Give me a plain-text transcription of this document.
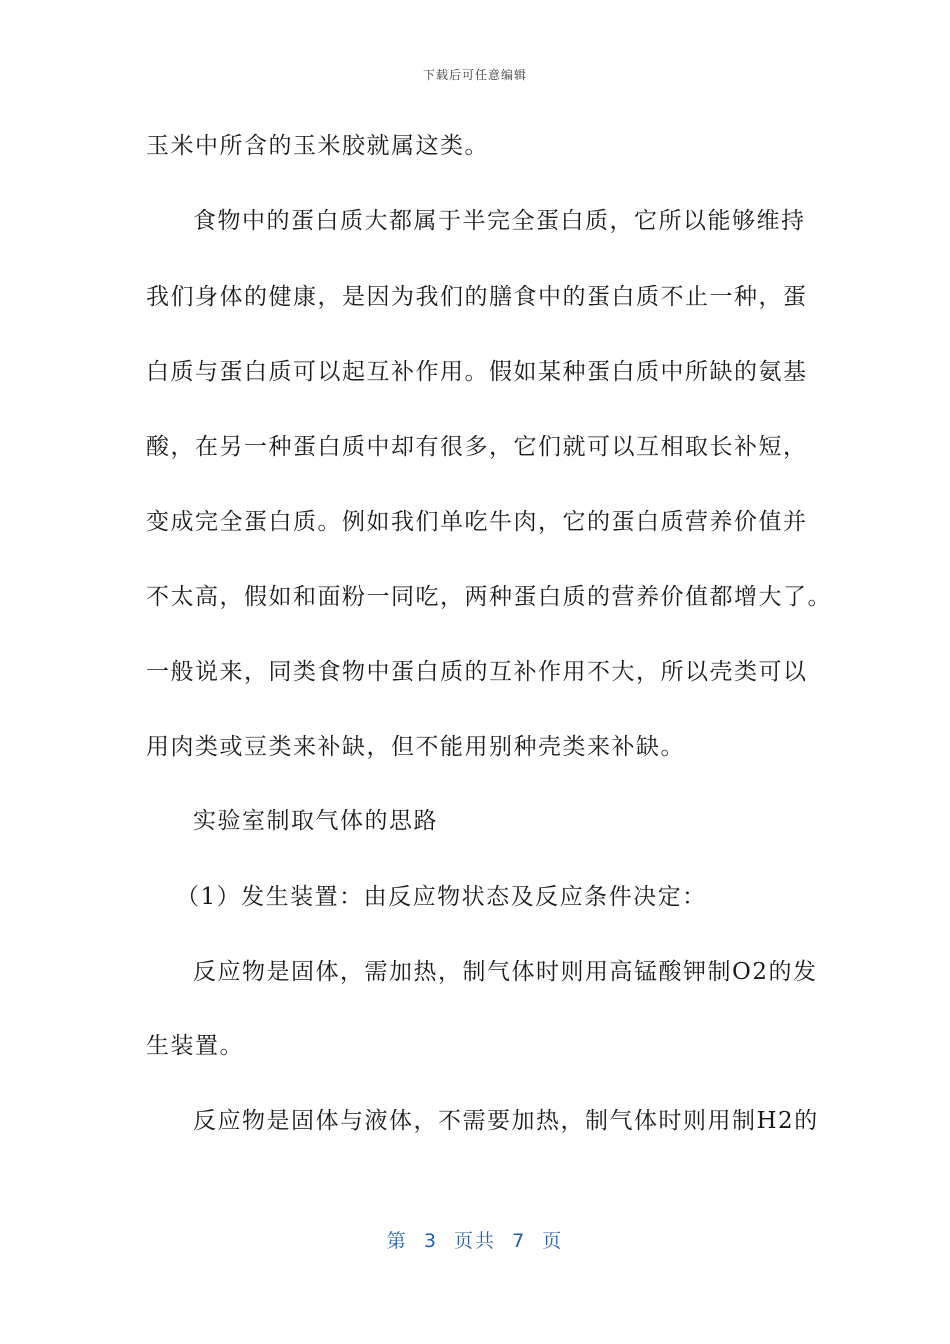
下载后可任意编辑
玉米中所含的玉米胶就属这类。
食物中的蛋白质大都属于半完全蛋白质，它所以能够维持
我们身体的健康，是因为我们的膳食中的蛋白质不止一种，蛋
白质与蛋白质可以起互补作用。假如某种蛋白质中所缺的氨基
酸，在另一种蛋白质中却有很多，它们就可以互相取长补短，
变成完全蛋白质。例如我们单吃牛肉，它的蛋白质营养价值并
不太高，假如和面粉一同吃，两种蛋白质的营养价值都增大了。
一般说来，同类食物中蛋白质的互补作用不大，所以壳类可以
用肉类或豆类来补缺，但不能用别种壳类来补缺。
实验室制取气体的思路
（1）发生装置：由反应物状态及反应条件决定：
反应物是固体，需加热，制气体时则用高锰酸钾制O2的发
生装置。
反应物是固体与液体，不需要加热，制气体时则用制H2的
第  3  页共  7  页
